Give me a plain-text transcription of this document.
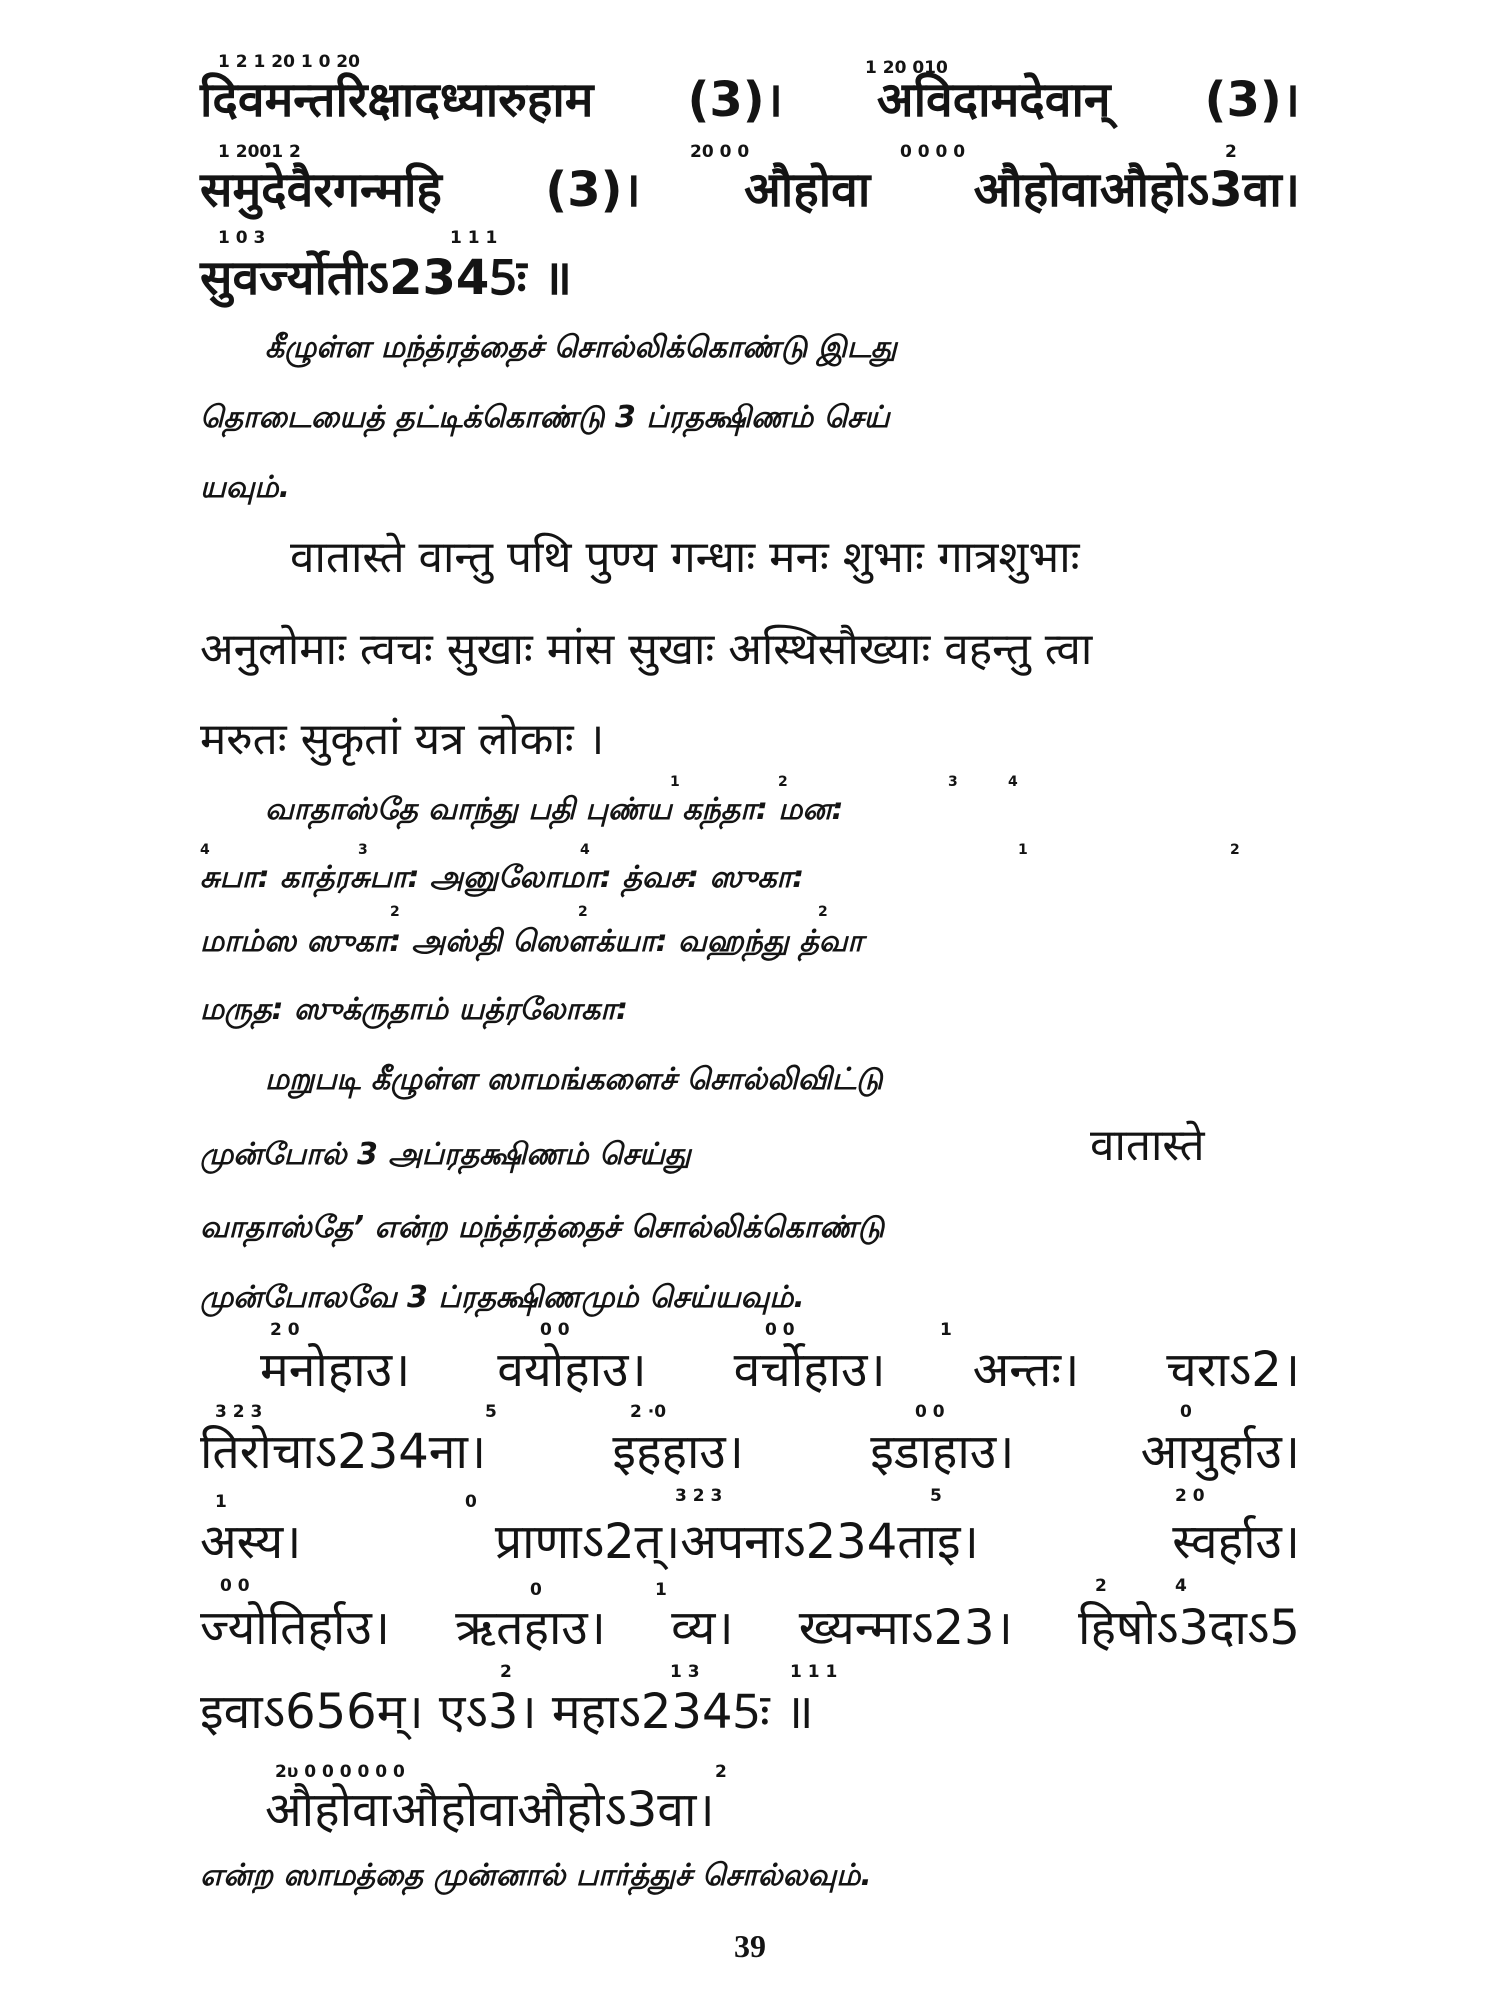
1 2 1 20 1 0 20	1 20 010
दिवमन्तरिक्षादध्यारुहाम (3)। अविदामदेवान् (3)।
1 2001 2	20 0 0	0 0 0 0	2
समुदेवैरगन्महि (3)। औहोवा औहोवाऔहोऽ3वा।
1 0 3	1 1 1
सुवर्ज्योतीऽ2345ः ॥
கீழுள்ள மந்த்ரத்தைச் சொல்லிக்கொண்டு இடது
தொடையைத் தட்டிக்கொண்டு 3 ப்ரதக்ஷிணம் செய்
யவும்.
वातास्ते वान्तु पथि पुण्य गन्धाः मनः शुभाः गात्रशुभाः
अनुलोमाः त्वचः सुखाः मांस सुखाः अस्थिसौख्याः वहन्तु त्वा
मरुतः सुकृतां यत्र लोकाः ।
1	2	3	4
வாதாஸ்தே வாந்து பதி புண்ய கந்தா: மன:
4	3	4	1	2
சுபா: காத்ரசுபா: அனுலோமா: த்வச: ஸுகா:
2	2	2
மாம்ஸ ஸுகா: அஸ்தி ஸௌக்யா: வஹந்து த்வா
மருத: ஸுக்ருதாம் யத்ரலோகா:
மறுபடி கீழுள்ள ஸாமங்களைச் சொல்லிவிட்டு
முன்போல் 3 அப்ரதக்ஷிணம் செய்து	वातास्ते
வாதாஸ்தே’ என்ற மந்த்ரத்தைச் சொல்லிக்கொண்டு
முன்போலவே 3 ப்ரதக்ஷிணமும் செய்யவும்.
2 0	0 0	0 0	1
मनोहाउ। वयोहाउ। वर्चोहाउ। अन्तः। चराऽ2।
3 2 3	5	2 ·0	0 0	0
तिरोचाऽ234ना।	इहहाउ।	इडाहाउ।	आयुर्हाउ।
1	0	3 2 3	5	2 0
अस्य।	प्राणाऽ2त्।अपनाऽ234ताइ।	स्वर्हाउ।
0 0	0	1	2	4
ज्योतिर्हाउ। ऋतहाउ। व्य। ख्यन्माऽ23। हिषोऽ3दाऽ5
2	1 3	1 1 1
इवाऽ656म्। एऽ3। महाऽ2345ः ॥
2υ 0 0 0 0 0 0	2
औहोवाऔहोवाऔहोऽ3वा।
என்ற ஸாமத்தை முன்னால் பார்த்துச் சொல்லவும்.
39
